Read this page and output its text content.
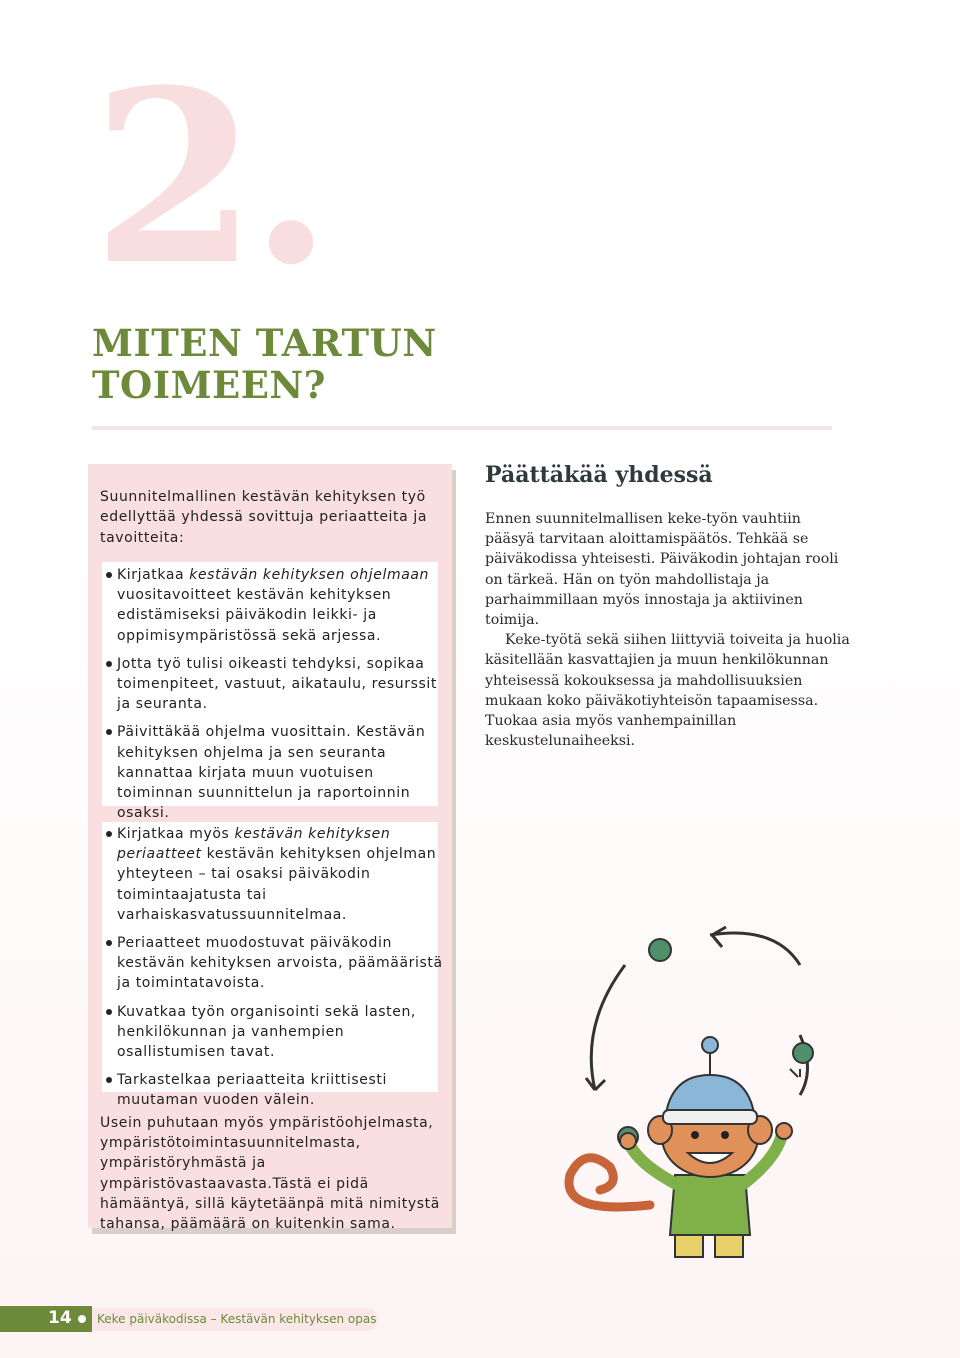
2.
MITEN TARTUN
TOIMEEN?
Suunnitelmallinen kestävän kehityksen työ edellyttää yhdessä sovittuja periaatteita ja tavoitteita:
Kirjatkaa kestävän kehityksen ohjelmaan vuositavoitteet kestävän kehityksen edistämiseksi päiväkodin leikki- ja oppimisympäristössä sekä arjessa.
Jotta työ tulisi oikeasti tehdyksi, sopikaa toimenpiteet, vastuut, aikataulu, resurssit ja seuranta.
Päivittäkää ohjelma vuosittain. Kestävän kehityksen ohjelma ja sen seuranta kannattaa kirjata muun vuotuisen toiminnan suunnittelun ja raportoinnin osaksi.
Kirjatkaa myös kestävän kehityksen periaatteet kestävän kehityksen ohjelman yhteyteen – tai osaksi päiväkodin toimintaajatusta tai varhaiskasvatussuunnitelmaa.
Periaatteet muodostuvat päiväkodin kestävän kehityksen arvoista, päämääristä ja toimintatavoista.
Kuvatkaa työn organisointi sekä lasten, henkilökunnan ja vanhempien osallistumisen tavat.
Tarkastelkaa periaatteita kriittisesti muutaman vuoden välein.
Usein puhutaan myös ympäristöohjelmasta, ympäristötoimintasuunnitelmasta, ympäristöryhmästä ja ympäristövastaavasta.Tästä ei pidä hämääntyä, sillä käytetäänpä mitä nimitystä tahansa, päämäärä on kuitenkin sama.
Päättäkää yhdessä

Ennen suunnitelmallisen keke-työn vauhtiin pääsyä tarvitaan aloittamispäätös. Tehkää se päiväkodissa yhteisesti. Päiväkodin johtajan rooli on tärkeä. Hän on työn mahdollistaja ja parhaimmillaan myös innostaja ja aktiivinen toimija.

Keke-työtä sekä siihen liittyviä toiveita ja huolia käsitellään kasvattajien ja muun henkilökunnan yhteisessä kokouksessa ja mahdollisuuksien mukaan koko päiväkotiyhteisön tapaamisessa. Tuokaa asia myös vanhempainillan keskustelunaiheeksi.

14 Keke päiväkodissa – Kestävän kehityksen opas
